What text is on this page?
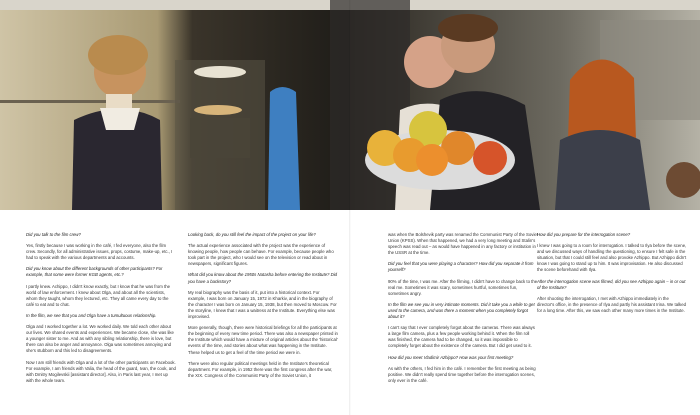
Did you talk to the film crew?

Yes, firstly because I was working in the café, I fed everyone, also the film crew. Secondly, for all administrative issues, props, costume, make-up, etc., I had to speak with the various departments and accounts.

Did you know about the different backgrounds of other participants? For example, that some were former KGB agents, etc.?

I partly knew. Achippo, I didn't know exactly, but I know that he was from the world of law enforcement. I knew about Olga, and about all the scientists, whom they taught, whom they lectured, etc. They all came every day to the café to eat and to chat.

In the film, we see that you and Olga have a tumultuous relationship.

Olga and I worked together a lot. We worked daily. We told each other about our lives. We shared events and experiences. We became close, she was like a younger sister to me. And as with any sibling relationship, there is love, but there can also be anger and annoyance. Olga was sometimes annoying and she's stubborn and this led to disagreements.

Now I am still friends with Olga and a lot of the other participants on Facebook. For example, I am friends with Valia, the head of the guard, Ivan, the cook, and with Dmitry Mogilevskii [assistant director]. Also, in Paris last year, I met up with the whole team.

Looking back, do you still feel the impact of the project on your life?

The actual experience associated with the project was the experience of knowing people, how people can behave. For example, because people who took part in the project, who I would see on the television or read about in newspapers, significant figures.

What did you know about the 1950s Natasha before entering the Institute? Did you have a backstory?

My real biography was the basis of it, put into a historical context. For example, I was born on January 15, 1972 in Kharkiv, and in the biography of the character I was born on January 15, 1938, but then moved to Moscow. For the storyline, I knew that I was a waitress at the Institute. Everything else was improvised.

More generally, though, there were historical briefings for all the participants at the beginning of every new time period. There was also a newspaper printed in the Institute which would have a mixture of original articles about the 'historical' events of the time, and stories about what was happening in the Institute. These helped us to get a feel of the time period we were in.

There were also regular political meetings held in the Institute's theoretical department. For example, in 1952 there was the first congress after the war, the XIX. Congress of the Communist Party of the Soviet Union, it

was when the Bolshevik party was renamed the Communist Party of the Soviet Union (KPSS). When that happened, we had a very long meeting and Stalin's speech was read out – as would have happened in any factory or institution in the USSR at the time.

Did you feel that you were playing a character? How did you separate it from yourself?

90% of the time, I was me. After the filming, I didn't have to change back to the real me. Sometimes it was scary, sometimes hurtful, sometimes fun, sometimes angry.

In the film we see you in very intimate moments. Did it take you a while to get used to the camera, and was there a moment when you completely forgot about it?

I can't say that I ever completely forgot about the cameras. There was always a large film camera, plus a few people working behind it. When the film roll was finished, the camera had to be changed, so it was impossible to completely forget about the existence of the camera. But I did get used to it.

How did you meet Vladimir Azhippo? How was your first meeting?

As with the others, I fed him in the café. I remember the first meeting as being positive. We didn't really spend time together before the interrogation scenes, only ever in the café.

How did you prepare for the interrogation scene?

I knew I was going to a room for interrogation. I talked to Ilya before the scene, and we discussed ways of handling the questioning, to ensure I felt safe in the situation, but that I could still feel and also provoke Azhippo. But Azhippo didn't know I was going to stand up to him. It was improvisation. He also discussed the scene beforehand with Ilya.

After the interrogation scene was filmed, did you see Azhippo again – in or out of the Institute?

After shooting the interrogation, I met with Azhippo immediately in the director's office, in the presence of Ilya and partly his assistant Irina. We talked for a long time. After this, we saw each other many more times in the Institute.
